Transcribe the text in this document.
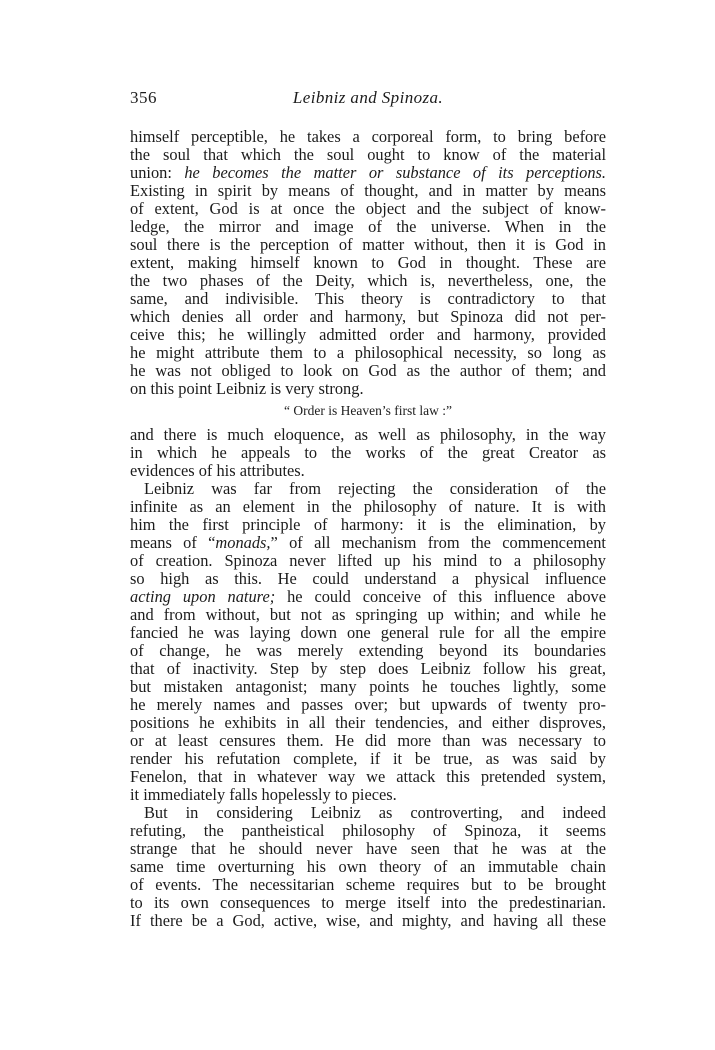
356	Leibniz and Spinoza.
himself perceptible, he takes a corporeal form, to bring before
the soul that which the soul ought to know of the material
union: he becomes the matter or substance of its perceptions.
Existing in spirit by means of thought, and in matter by means
of extent, God is at once the object and the subject of know-
ledge, the mirror and image of the universe. When in the
soul there is the perception of matter without, then it is God in
extent, making himself known to God in thought. These are
the two phases of the Deity, which is, nevertheless, one, the
same, and indivisible. This theory is contradictory to that
which denies all order and harmony, but Spinoza did not per-
ceive this; he willingly admitted order and harmony, provided
he might attribute them to a philosophical necessity, so long as
he was not obliged to look on God as the author of them; and
on this point Leibniz is very strong.
“ Order is Heaven’s first law :”
and there is much eloquence, as well as philosophy, in the way
in which he appeals to the works of the great Creator as
evidences of his attributes.
Leibniz was far from rejecting the consideration of the
infinite as an element in the philosophy of nature. It is with
him the first principle of harmony: it is the elimination, by
means of “monads,” of all mechanism from the commencement
of creation. Spinoza never lifted up his mind to a philosophy
so high as this. He could understand a physical influence
acting upon nature; he could conceive of this influence above
and from without, but not as springing up within; and while he
fancied he was laying down one general rule for all the empire
of change, he was merely extending beyond its boundaries
that of inactivity. Step by step does Leibniz follow his great,
but mistaken antagonist; many points he touches lightly, some
he merely names and passes over; but upwards of twenty pro-
positions he exhibits in all their tendencies, and either disproves,
or at least censures them. He did more than was necessary to
render his refutation complete, if it be true, as was said by
Fenelon, that in whatever way we attack this pretended system,
it immediately falls hopelessly to pieces.
But in considering Leibniz as controverting, and indeed
refuting, the pantheistical philosophy of Spinoza, it seems
strange that he should never have seen that he was at the
same time overturning his own theory of an immutable chain
of events. The necessitarian scheme requires but to be brought
to its own consequences to merge itself into the predestinarian.
If there be a God, active, wise, and mighty, and having all these
